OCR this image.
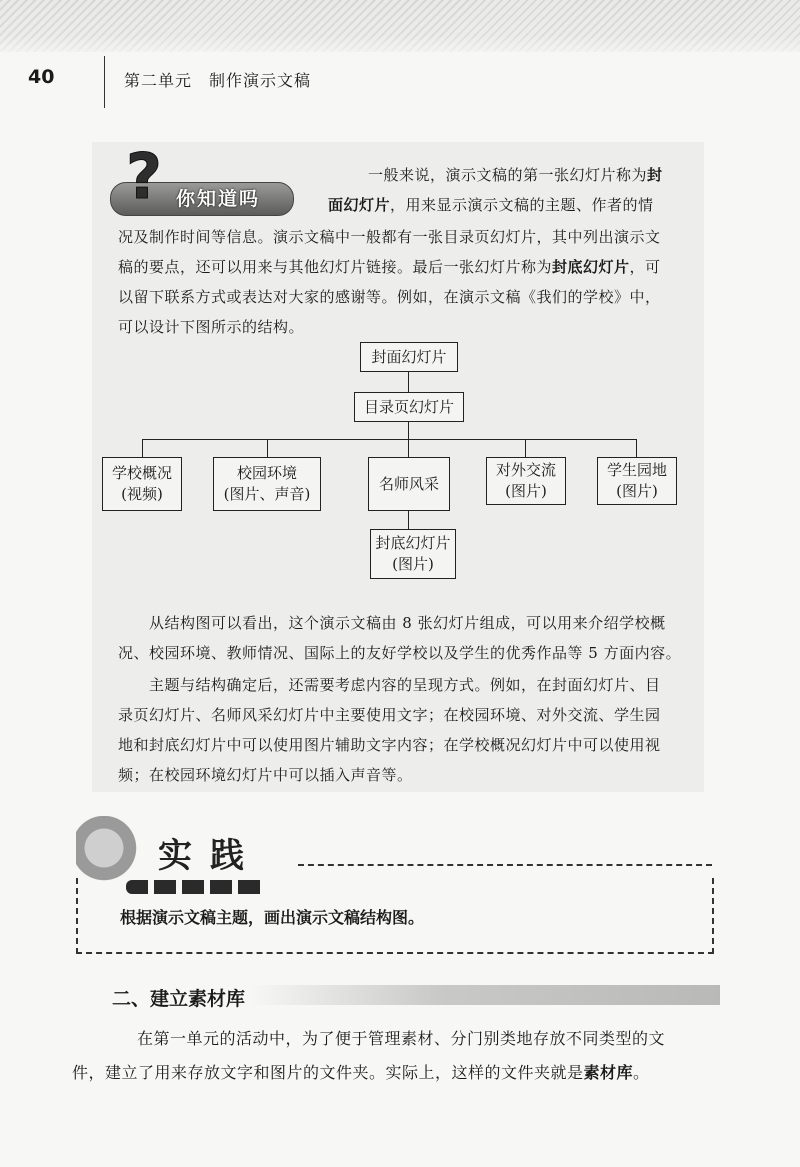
40	第二单元　制作演示文稿
? 你知道吗
一般来说，演示文稿的第一张幻灯片称为封
面幻灯片，用来显示演示文稿的主题、作者的情
况及制作时间等信息。演示文稿中一般都有一张目录页幻灯片，其中列出演示文
稿的要点，还可以用来与其他幻灯片链接。最后一张幻灯片称为封底幻灯片，可
以留下联系方式或表达对大家的感谢等。例如，在演示文稿《我们的学校》中，
可以设计下图所示的结构。
封面幻灯片
目录页幻灯片
学校概况
(视频)
校园环境
(图片、声音)
名师风采
对外交流
(图片)
学生园地
(图片)
封底幻灯片
(图片)
　　从结构图可以看出，这个演示文稿由 8 张幻灯片组成，可以用来介绍学校概
况、校园环境、教师情况、国际上的友好学校以及学生的优秀作品等 5 方面内容。
　　主题与结构确定后，还需要考虑内容的呈现方式。例如，在封面幻灯片、目
录页幻灯片、名师风采幻灯片中主要使用文字；在校园环境、对外交流、学生园
地和封底幻灯片中可以使用图片辅助文字内容；在学校概况幻灯片中可以使用视
频；在校园环境幻灯片中可以插入声音等。
实践
根据演示文稿主题，画出演示文稿结构图。
二、建立素材库
　　在第一单元的活动中，为了便于管理素材、分门别类地存放不同类型的文
件，建立了用来存放文字和图片的文件夹。实际上，这样的文件夹就是素材库。
